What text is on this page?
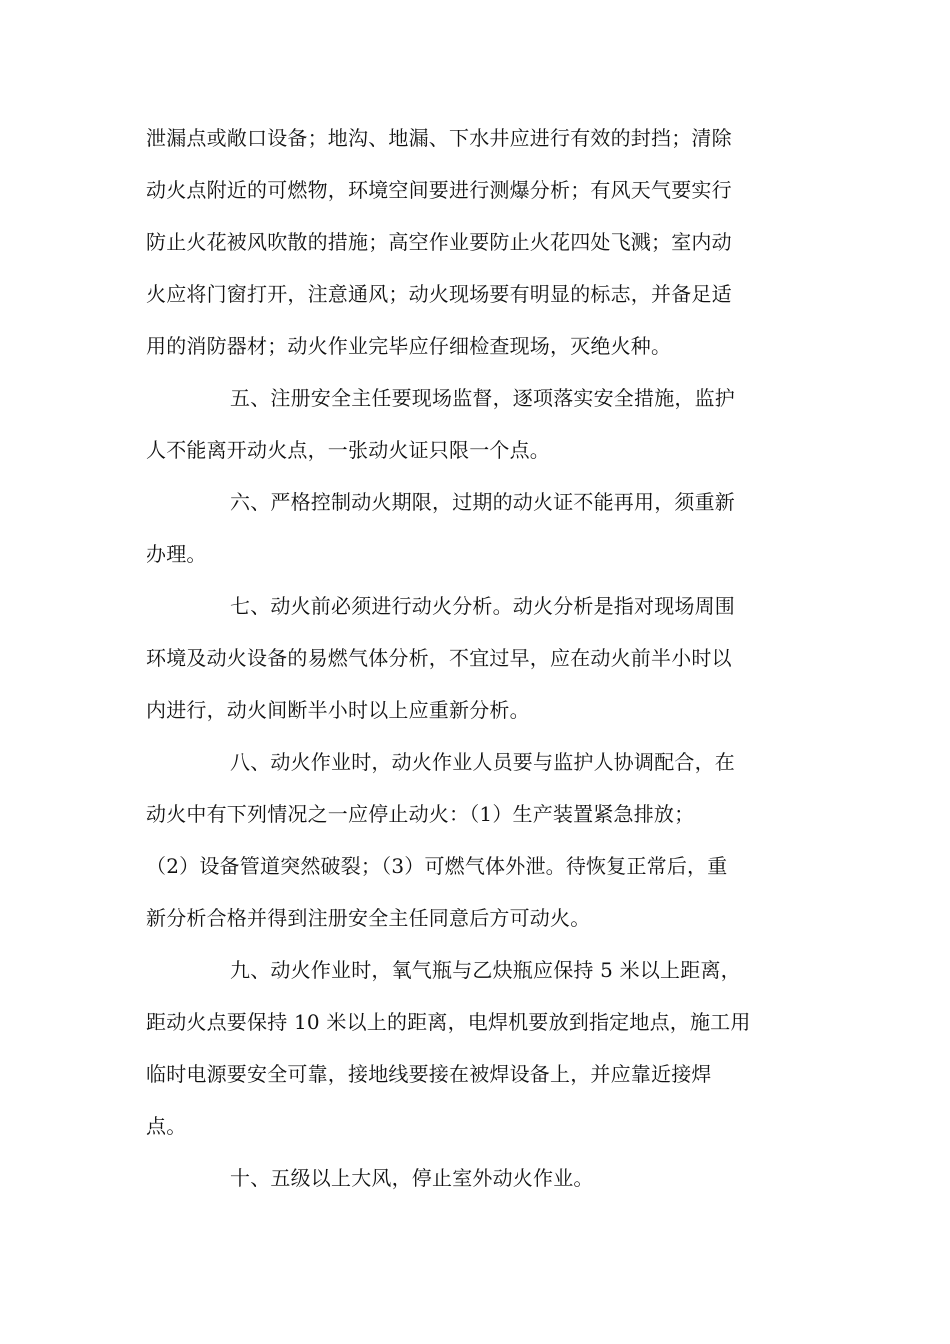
泄漏点或敞口设备；地沟、地漏、下水井应进行有效的封挡；清除
动火点附近的可燃物，环境空间要进行测爆分析；有风天气要实行
防止火花被风吹散的措施；高空作业要防止火花四处飞溅；室内动
火应将门窗打开，注意通风；动火现场要有明显的标志，并备足适
用的消防器材；动火作业完毕应仔细检查现场，灭绝火种。

五、注册安全主任要现场监督，逐项落实安全措施，监护
人不能离开动火点，一张动火证只限一个点。

六、严格控制动火期限，过期的动火证不能再用，须重新
办理。

七、动火前必须进行动火分析。动火分析是指对现场周围
环境及动火设备的易燃气体分析，不宜过早，应在动火前半小时以
内进行，动火间断半小时以上应重新分析。

八、动火作业时，动火作业人员要与监护人协调配合，在
动火中有下列情况之一应停止动火：（1）生产装置紧急排放；
（2）设备管道突然破裂；（3）可燃气体外泄。待恢复正常后，重
新分析合格并得到注册安全主任同意后方可动火。

九、动火作业时，氧气瓶与乙炔瓶应保持 5 米以上距离，
距动火点要保持 10 米以上的距离，电焊机要放到指定地点，施工用
临时电源要安全可靠，接地线要接在被焊设备上，并应靠近接焊
点。

十、五级以上大风，停止室外动火作业。
